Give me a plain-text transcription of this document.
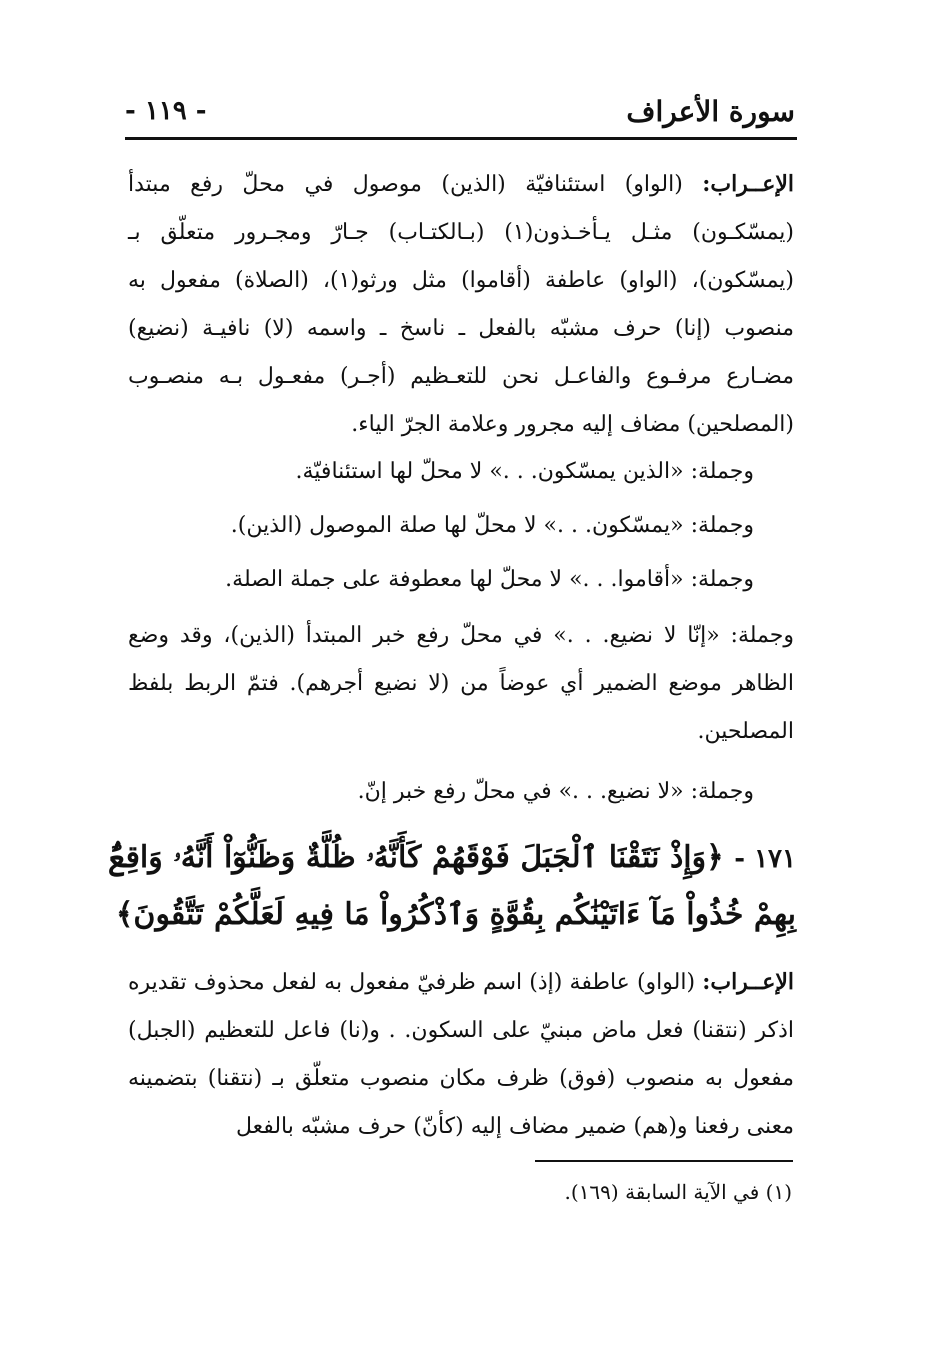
- ١١٩ -	سورة الأعراف
الإعــراب: (الواو) استئنافيّة (الذين) موصول في محلّ رفع مبتدأ (يمسّكـون) مثـل يـأخـذون(١) (بـالكتـاب) جـارّ ومجـرور متعلّق بـ (يمسّكون)، (الواو) عاطفة (أقاموا) مثل ورثو(١)، (الصلاة) مفعول به منصوب (إنا) حرف مشبّه بالفعل ـ ناسخ ـ واسمه (لا) نافيـة (نضيع) مضـارع مرفـوع والفاعـل نحن للتعـظيم (أجـر) مفعـول بـه منصـوب (المصلحين) مضاف إليه مجرور وعلامة الجرّ الياء.
وجملة: «الذين يمسّكون. . .» لا محلّ لها استئنافيّة.
وجملة: «يمسّكون. . .» لا محلّ لها صلة الموصول (الذين).
وجملة: «أقاموا. . .» لا محلّ لها معطوفة على جملة الصلة.
وجملة: «إنّا لا نضيع. . .» في محلّ رفع خبر المبتدأ (الذين)، وقد وضع الظاهر موضع الضمير أي عوضاً من (لا نضيع أجرهم). فتمّ الربط بلفظ المصلحين.
وجملة: «لا نضيع. . .» في محلّ رفع خبر إنّ.
١٧١ - ﴿وَإِذْ نَتَقْنَا ٱلْجَبَلَ فَوْقَهُمْ كَأَنَّهُۥ ظُلَّةٌ وَظَنُّوٓاْ أَنَّهُۥ وَاقِعٌۢ بِهِمْ خُذُواْ مَآ ءَاتَيْنَٰكُم بِقُوَّةٍ وَٱذْكُرُواْ مَا فِيهِ لَعَلَّكُمْ تَتَّقُونَ﴾
الإعــراب: (الواو) عاطفة (إذ) اسم ظرفيّ مفعول به لفعل محذوف تقديره اذكر (نتقنا) فعل ماض مبنيّ على السكون. . و(نا) فاعل للتعظيم (الجبل) مفعول به منصوب (فوق) ظرف مكان منصوب متعلّق بـ (نتقنا) بتضمينه معنى رفعنا و(هم) ضمير مضاف إليه (كأنّ) حرف مشبّه بالفعل
(١) في الآية السابقة (١٦٩).
